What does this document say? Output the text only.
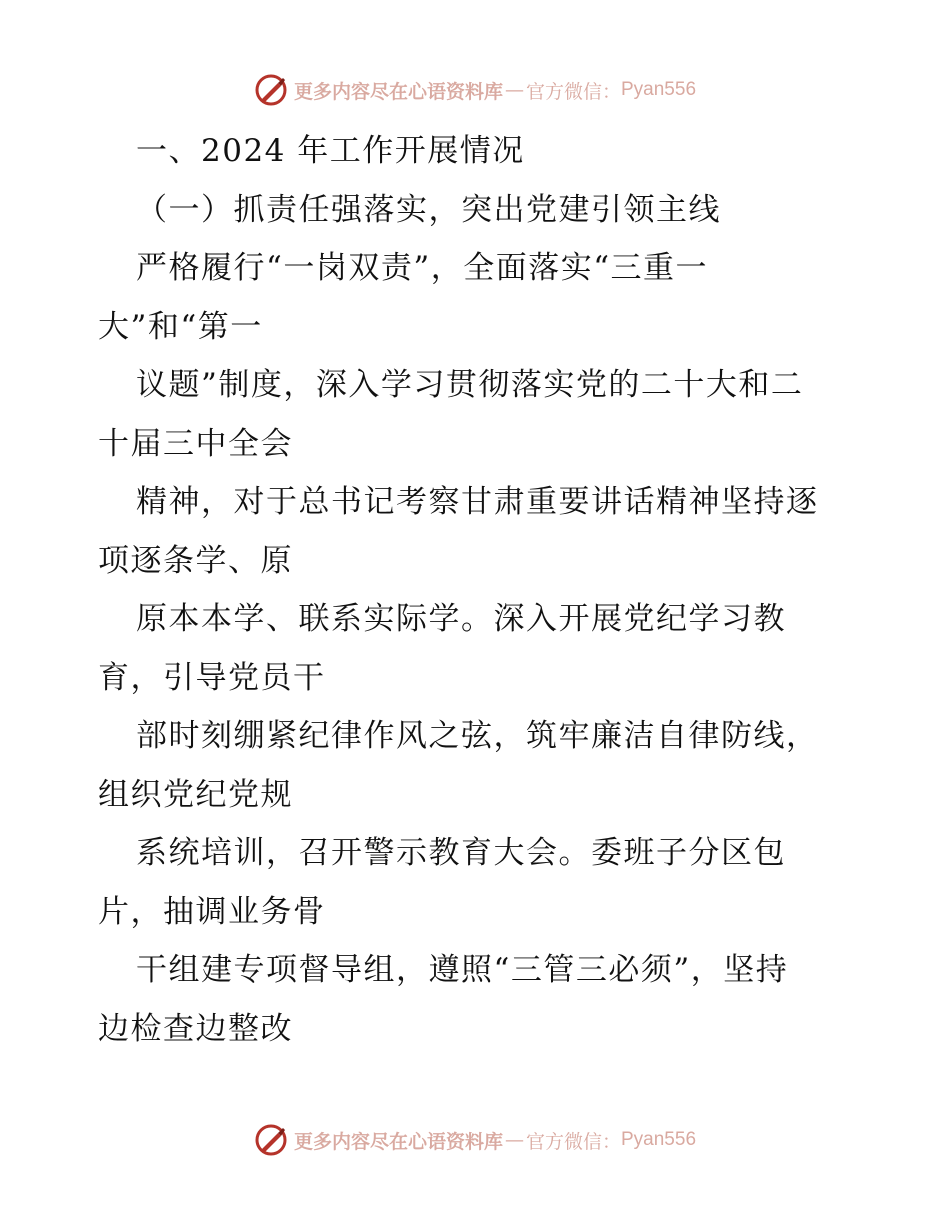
更多内容尽在心语资料库 — 官方微信： Pyan556
一、2024 年工作开展情况
（一）抓责任强落实，突出党建引领主线
严格履行“一岗双责”，全面落实“三重一
大”和“第一
议题”制度，深入学习贯彻落实党的二十大和二
十届三中全会
精神，对于总书记考察甘肃重要讲话精神坚持逐
项逐条学、原
原本本学、联系实际学。深入开展党纪学习教
育，引导党员干
部时刻绷紧纪律作风之弦，筑牢廉洁自律防线，
组织党纪党规
系统培训，召开警示教育大会。委班子分区包
片，抽调业务骨
干组建专项督导组，遵照“三管三必须”，坚持
边检查边整改
更多内容尽在心语资料库 — 官方微信： Pyan556
